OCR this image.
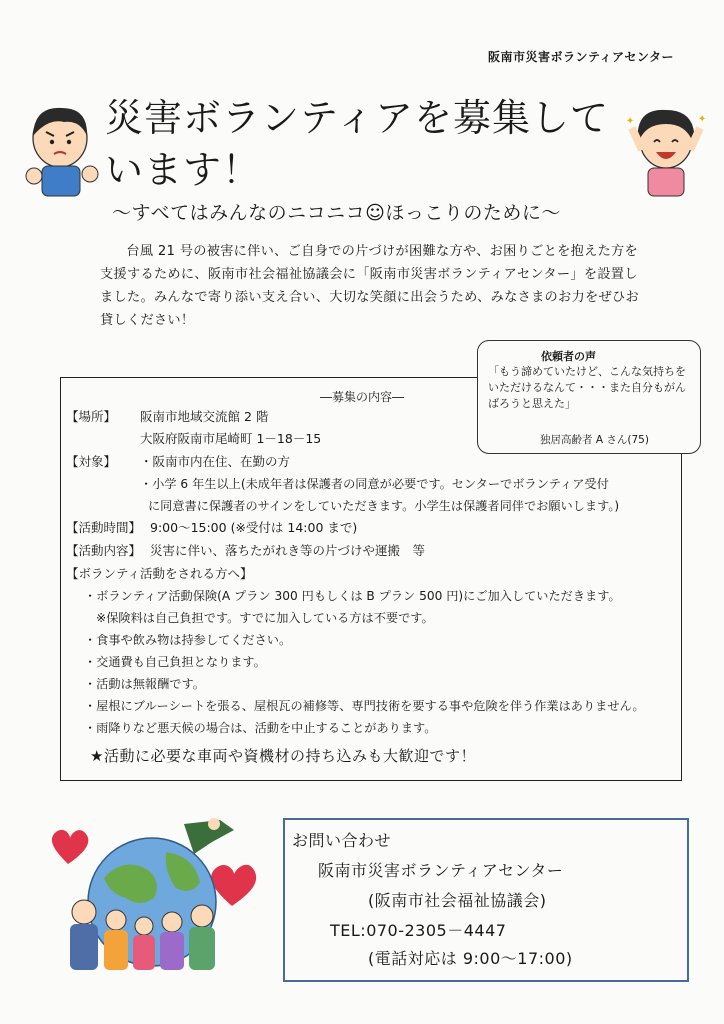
阪南市災害ボランティアセンター
災害ボランティアを募集して
います！
✦	✦
〜すべてはみんなのニコニコ☺ほっこりのために〜
台風 21 号の被害に伴い、ご自身での片づけが困難な方や、お困りごとを抱えた方を支援するために、阪南市社会福祉協議会に「阪南市災害ボランティアセンター」を設置しました。みんなで寄り添い支え合い、大切な笑顔に出会うため、みなさまのお力をぜひお貸しください！
―募集の内容―
依頼者の声
「もう諦めていたけど、こんな気持ちをいただけるなんて・・・また自分もがんばろうと思えた」
独居高齢者 A さん(75)
【場所】 阪南市地域交流館 2 階
大阪府阪南市尾崎町 1－18－15
【対象】 ・阪南市内在住、在勤の方
・小学 6 年生以上(未成年者は保護者の同意が必要です。センターでボランティア受付
に同意書に保護者のサインをしていただきます。小学生は保護者同伴でお願いします。)
【活動時間】 9:00～15:00 (※受付は 14:00 まで)
【活動内容】 災害に伴い、落ちたがれき等の片づけや運搬　等
【ボランティ活動をされる方へ】
・ボランティア活動保険(A プラン 300 円もしくは B プラン 500 円)にご加入していただきます。
※保険料は自己負担です。すでに加入している方は不要です。
・食事や飲み物は持参してください。
・交通費も自己負担となります。
・活動は無報酬です。
・屋根にブルーシートを張る、屋根瓦の補修等、専門技術を要する事や危険を伴う作業はありません。
・雨降りなど悪天候の場合は、活動を中止することがあります。
★活動に必要な車両や資機材の持ち込みも大歓迎です！
お問い合わせ
阪南市災害ボランティアセンター
(阪南市社会福祉協議会)
TEL:070-2305－4447
(電話対応は 9:00～17:00)
